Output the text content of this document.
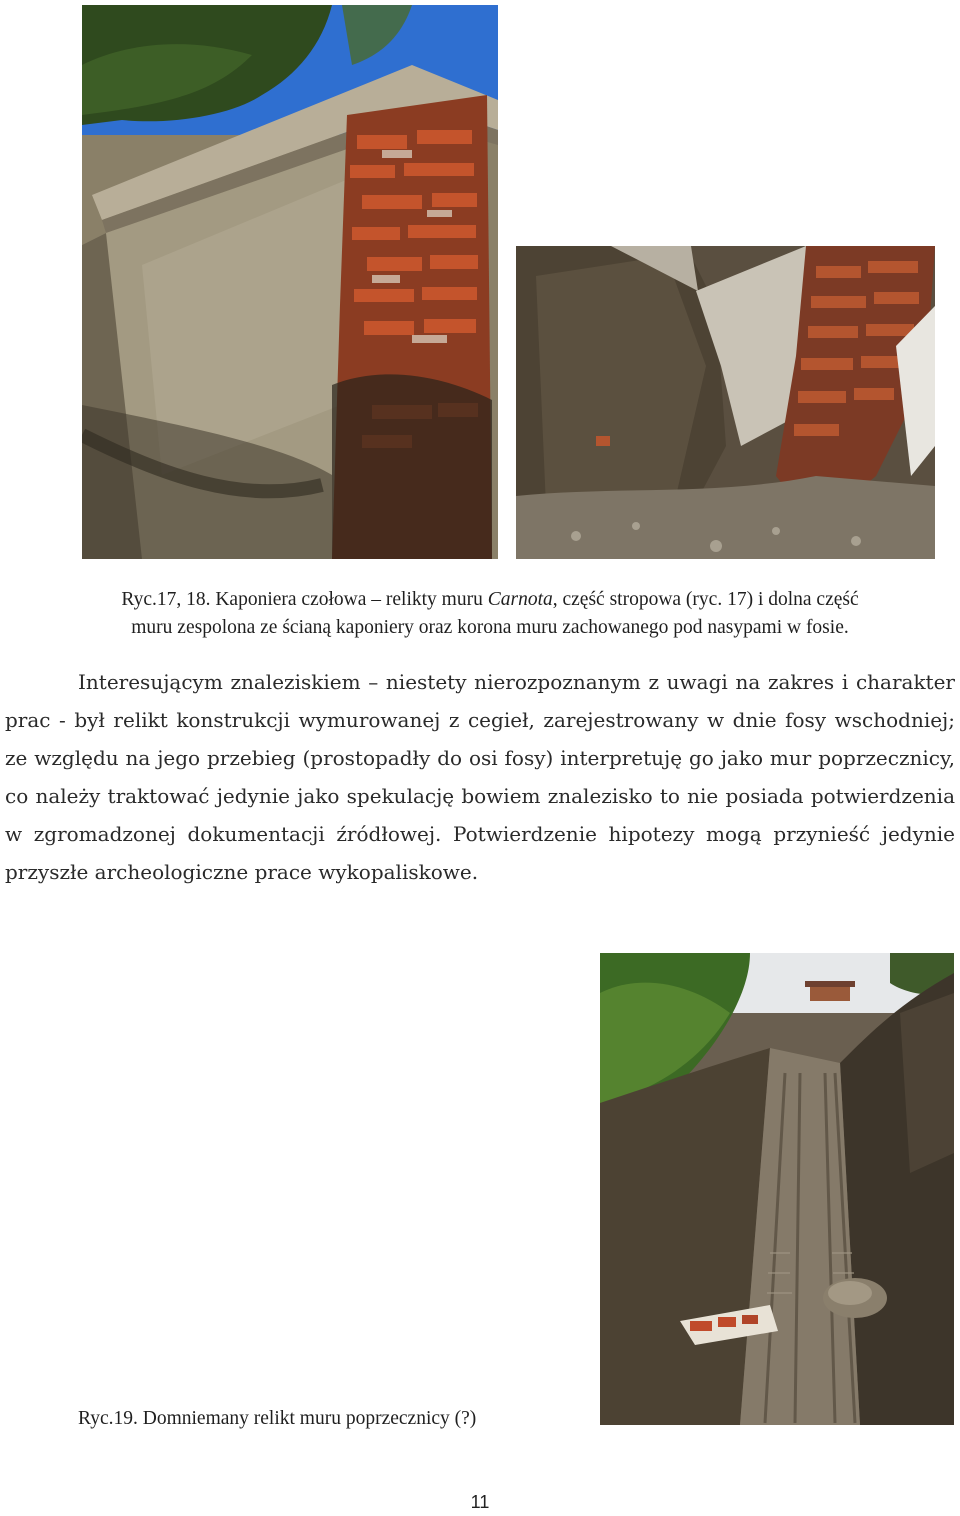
Ryc.17, 18. Kaponiera czołowa – relikty muru Carnota, część stropowa (ryc. 17) i dolna część
muru zespolona ze ścianą kaponiery oraz korona muru zachowanego pod nasypami w fosie.

Interesującym znaleziskiem – niestety nierozpoznanym z uwagi na zakres i charakter prac - był relikt konstrukcji wymurowanej z cegieł, zarejestrowany w dnie fosy wschodniej; ze względu na jego przebieg (prostopadły do osi fosy) interpretuję go jako mur poprzecznicy, co należy traktować jedynie jako spekulację bowiem znalezisko to nie posiada potwierdzenia w zgromadzonej dokumentacji źródłowej. Potwierdzenie hipotezy mogą przynieść jedynie przyszłe archeologiczne prace wykopaliskowe.

Ryc.19. Domniemany relikt muru poprzecznicy (?)
11
